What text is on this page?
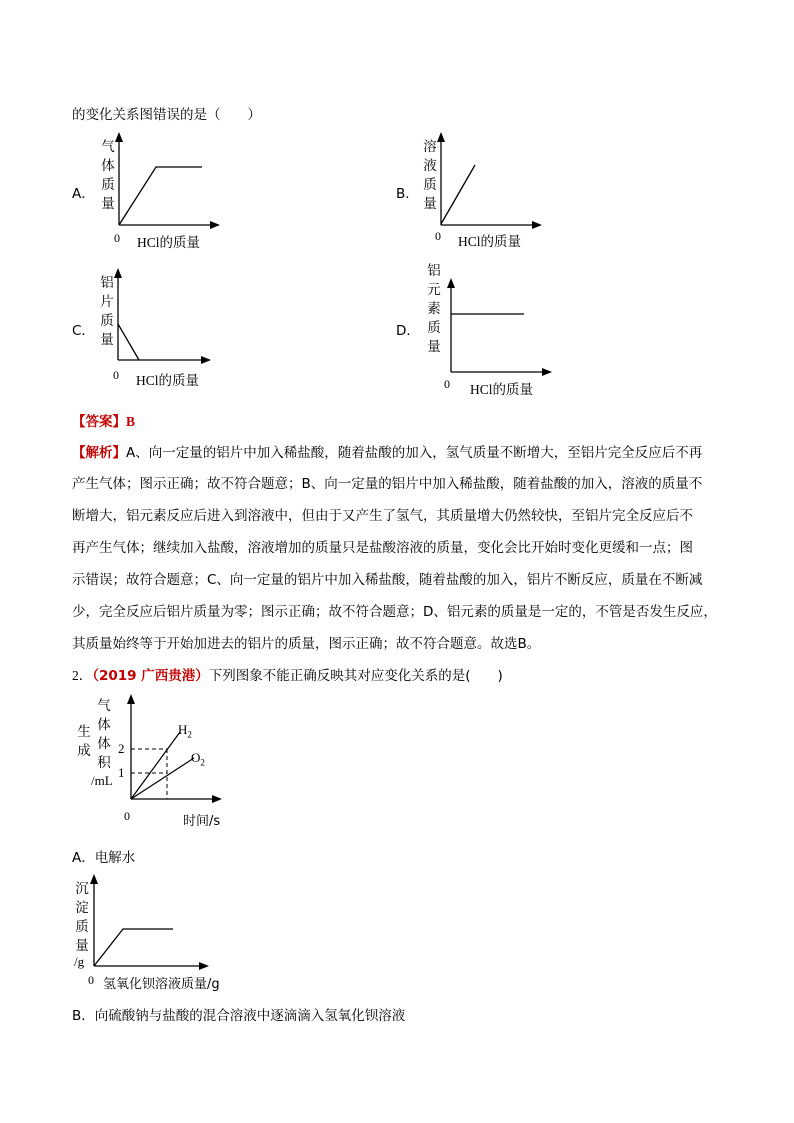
的变化关系图错误的是（　　）
A．
气
体
质
量
0 HCl的质量
B．
溶
液
质
量
0 HCl的质量
C．
铝
片
质
量
0 HCl的质量
D．
铝
元
素
质
量
0 HCl的质量
【答案】B
【解析】A、向一定量的铝片中加入稀盐酸，随着盐酸的加入，氢气质量不断增大，至铝片完全反应后不再
产生气体；图示正确；故不符合题意；B、向一定量的铝片中加入稀盐酸，随着盐酸的加入，溶液的质量不
断增大，铝元素反应后进入到溶液中，但由于又产生了氢气，其质量增大仍然较快，至铝片完全反应后不
再产生气体；继续加入盐酸，溶液增加的质量只是盐酸溶液的质量，变化会比开始时变化更缓和一点；图
示错误；故符合题意；C、向一定量的铝片中加入稀盐酸，随着盐酸的加入，铝片不断反应，质量在不断减
少，完全反应后铝片质量为零；图示正确；故不符合题意；D、铝元素的质量是一定的，不管是否发生反应，
其质量始终等于开始加进去的铝片的质量，图示正确；故不符合题意。故选B。
2．（2019 广西贵港）下列图象不能正确反映其对应变化关系的是(　　)
生
成
气
体
体
积
/mL
2
1
$H_2$
$O_2$
0	时间/s
A．电解水
沉
淀
质
量
/g
0 氢氧化钡溶液质量/g
B．向硫酸钠与盐酸的混合溶液中逐滴滴入氢氧化钡溶液
